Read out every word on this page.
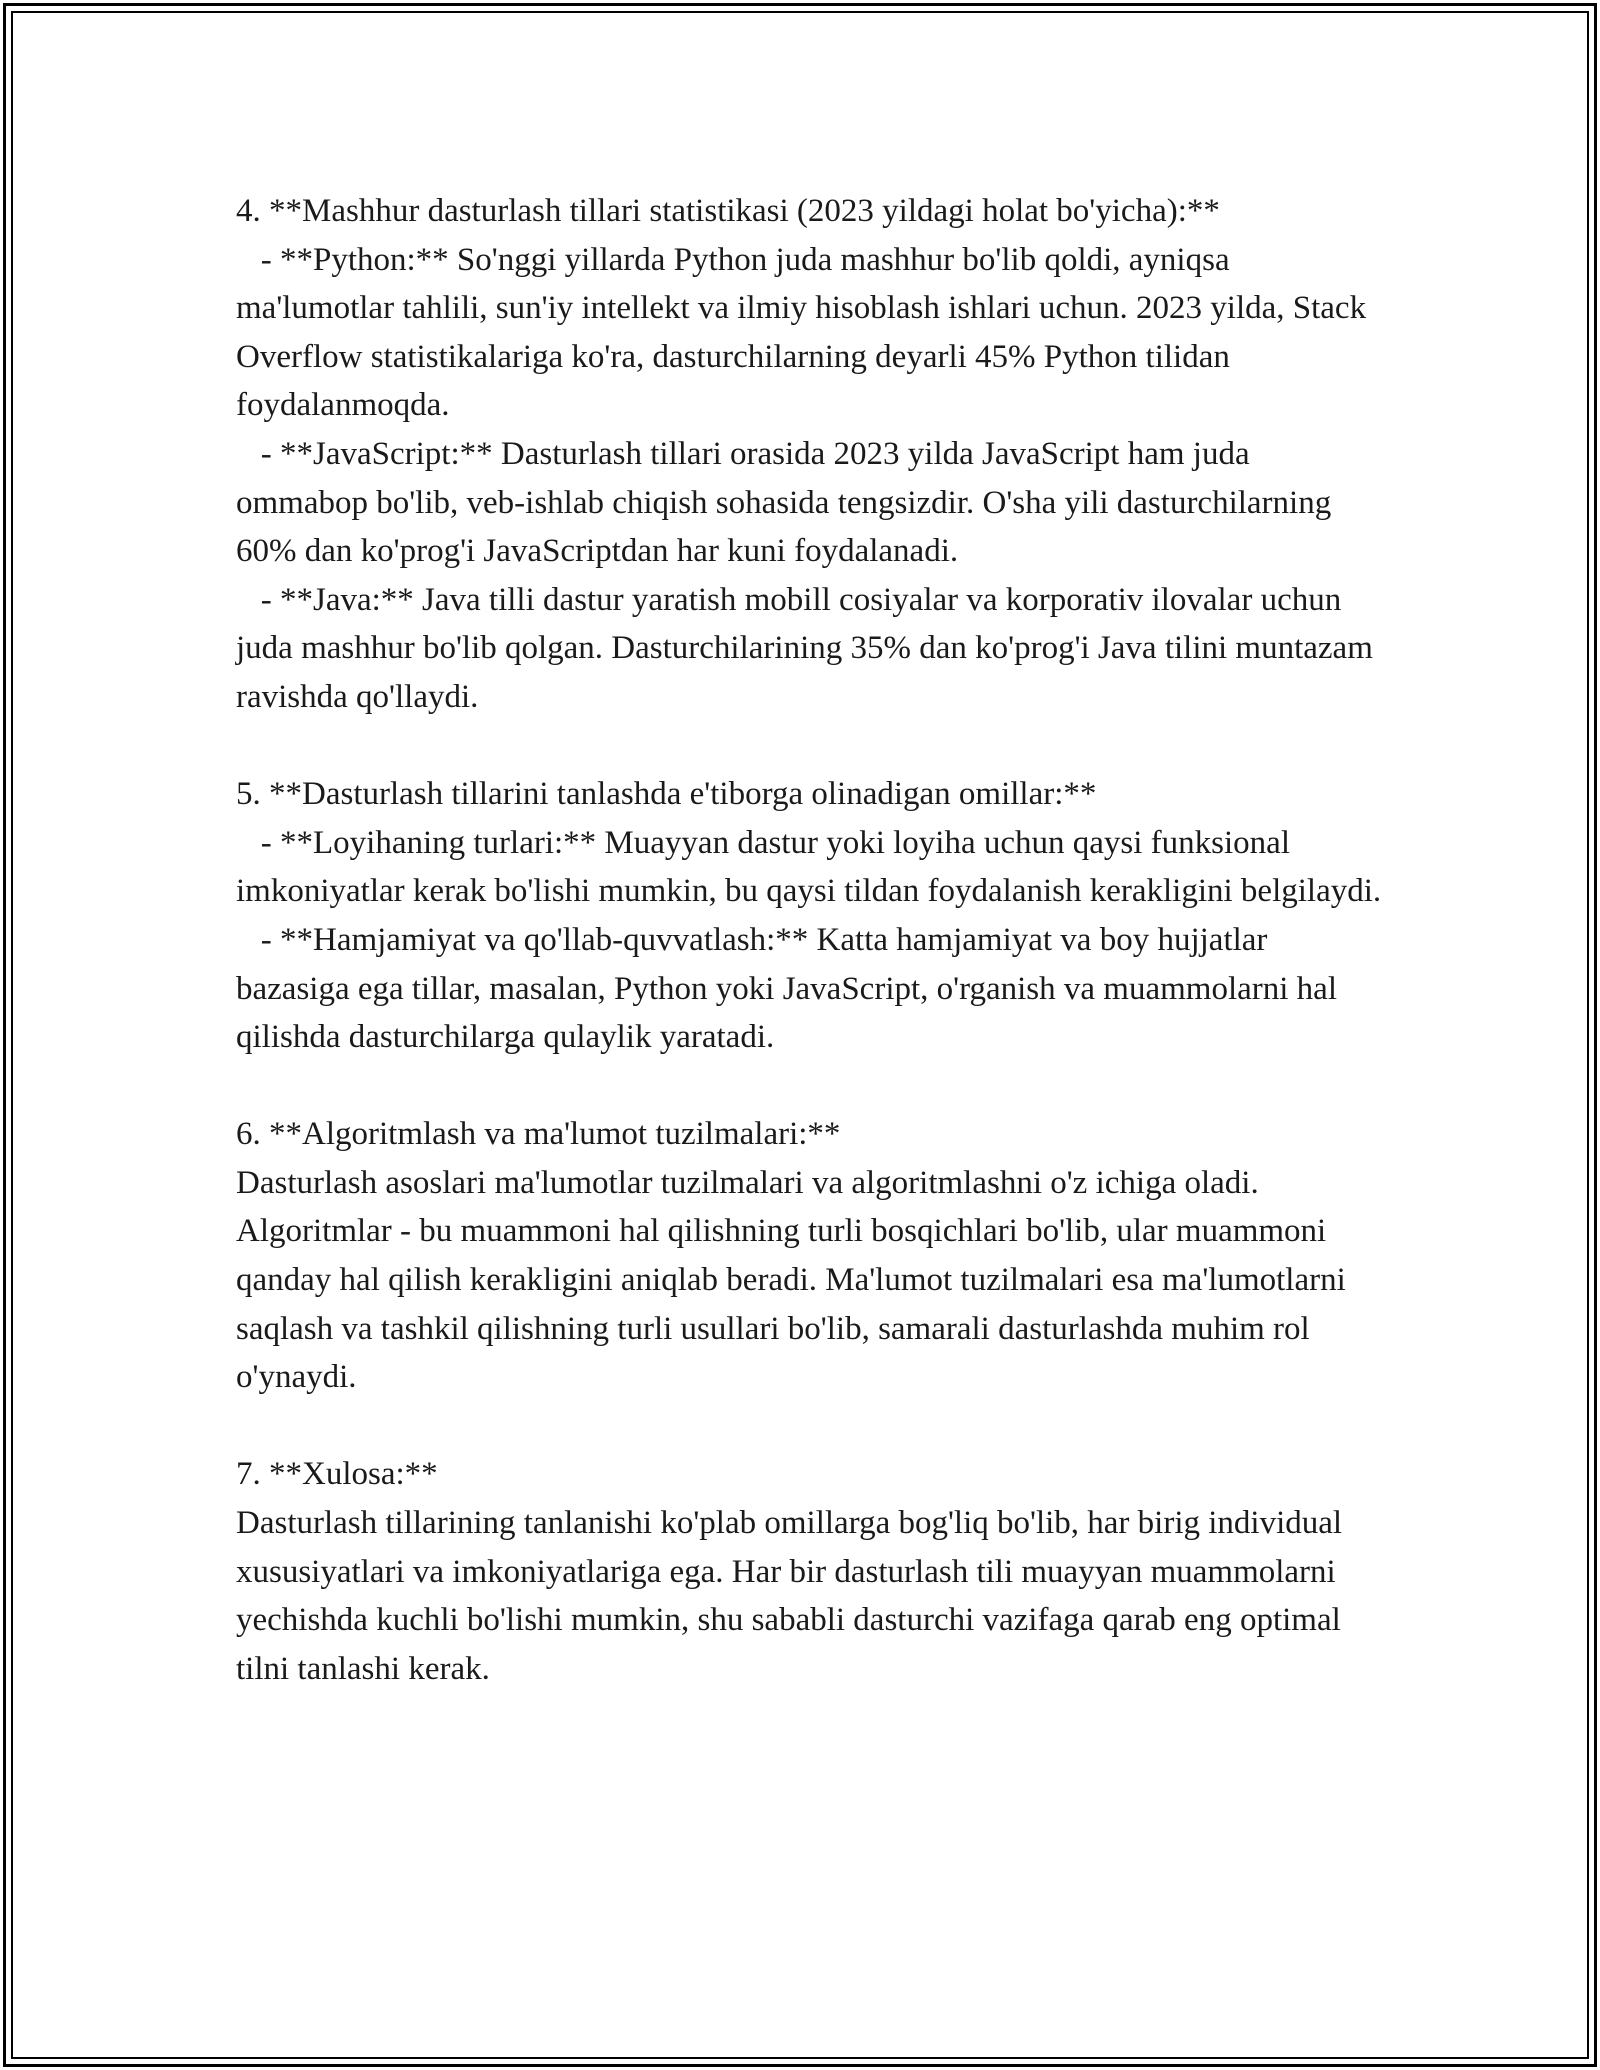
4. **Mashhur dasturlash tillari statistikasi (2023 yildagi holat bo'yicha):**

- **Python:** So'nggi yillarda Python juda mashhur bo'lib qoldi, ayniqsa ma'lumotlar tahlili, sun'iy intellekt va ilmiy hisoblash ishlari uchun. 2023 yilda, Stack Overflow statistikalariga ko'ra, dasturchilarning deyarli 45% Python tilidan foydalanmoqda.

- **JavaScript:** Dasturlash tillari orasida 2023 yilda JavaScript ham juda ommabop bo'lib, veb-ishlab chiqish sohasida tengsizdir. O'sha yili dasturchilarning 60% dan ko'prog'i JavaScriptdan har kuni foydalanadi.

- **Java:** Java tilli dastur yaratish mobill cosiyalar va korporativ ilovalar uchun juda mashhur bo'lib qolgan. Dasturchilarining 35% dan ko'prog'i Java tilini muntazam ravishda qo'llaydi.

5. **Dasturlash tillarini tanlashda e'tiborga olinadigan omillar:**

- **Loyihaning turlari:** Muayyan dastur yoki loyiha uchun qaysi funksional imkoniyatlar kerak bo'lishi mumkin, bu qaysi tildan foydalanish kerakligini belgilaydi.

- **Hamjamiyat va qo'llab-quvvatlash:** Katta hamjamiyat va boy hujjatlar bazasiga ega tillar, masalan, Python yoki JavaScript, o'rganish va muammolarni hal qilishda dasturchilarga qulaylik yaratadi.

6. **Algoritmlash va ma'lumot tuzilmalari:**

Dasturlash asoslari ma'lumotlar tuzilmalari va algoritmlashni o'z ichiga oladi. Algoritmlar - bu muammoni hal qilishning turli bosqichlari bo'lib, ular muammoni qanday hal qilish kerakligini aniqlab beradi. Ma'lumot tuzilmalari esa ma'lumotlarni saqlash va tashkil qilishning turli usullari bo'lib, samarali dasturlashda muhim rol o'ynaydi.

7. **Xulosa:**

Dasturlash tillarining tanlanishi ko'plab omillarga bog'liq bo'lib, har birig individual xususiyatlari va imkoniyatlariga ega. Har bir dasturlash tili muayyan muammolarni yechishda kuchli bo'lishi mumkin, shu sababli dasturchi vazifaga qarab eng optimal tilni tanlashi kerak.
